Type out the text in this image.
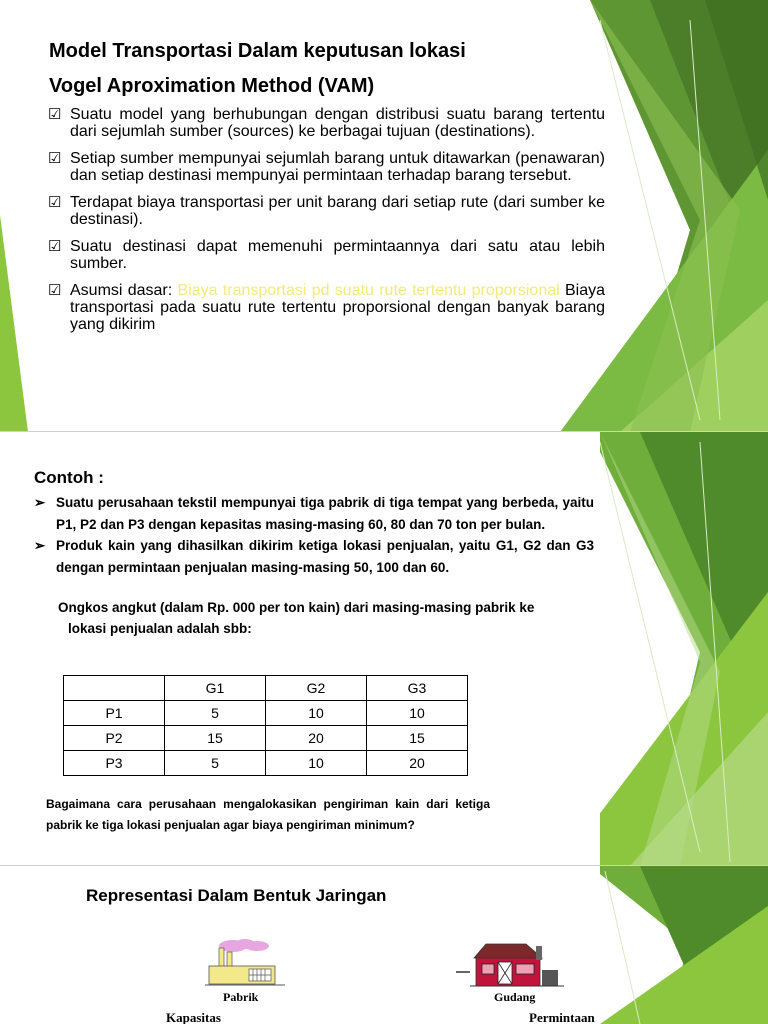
Model Transportasi Dalam keputusan lokasi
Vogel Aproximation Method (VAM)
☑ Suatu model yang berhubungan dengan distribusi suatu barang tertentu dari sejumlah sumber (sources) ke berbagai tujuan (destinations).
☑ Setiap sumber mempunyai sejumlah barang untuk ditawarkan (penawaran) dan setiap destinasi mempunyai permintaan terhadap barang tersebut.
☑ Terdapat biaya transportasi per unit barang dari setiap rute (dari sumber ke destinasi).
☑ Suatu destinasi dapat memenuhi permintaannya dari satu atau lebih sumber.
☑ Asumsi dasar: Biaya transportasi pd suatu rute tertentu proporsional Biaya transportasi pada suatu rute tertentu proporsional dengan banyak barang yang dikirim
Contoh :
➢ Suatu perusahaan tekstil mempunyai tiga pabrik di tiga tempat yang berbeda, yaitu P1, P2 dan P3 dengan kepasitas masing-masing 60, 80 dan 70 ton per bulan.
➢ Produk kain yang dihasilkan dikirim ketiga lokasi penjualan, yaitu G1, G2 dan G3 dengan permintaan penjualan masing-masing 50, 100 dan 60.
Ongkos angkut (dalam Rp. 000 per ton kain) dari masing-masing pabrik ke
lokasi penjualan adalah sbb:
	G1	G2	G3
P1	5	10	10
P2	15	20	15
P3	5	10	20
Bagaimana cara perusahaan mengalokasikan pengiriman kain dari ketiga pabrik ke tiga lokasi penjualan agar biaya pengiriman minimum?
Representasi Dalam Bentuk Jaringan
Pabrik
Kapasitas
Gudang
Permintaan
